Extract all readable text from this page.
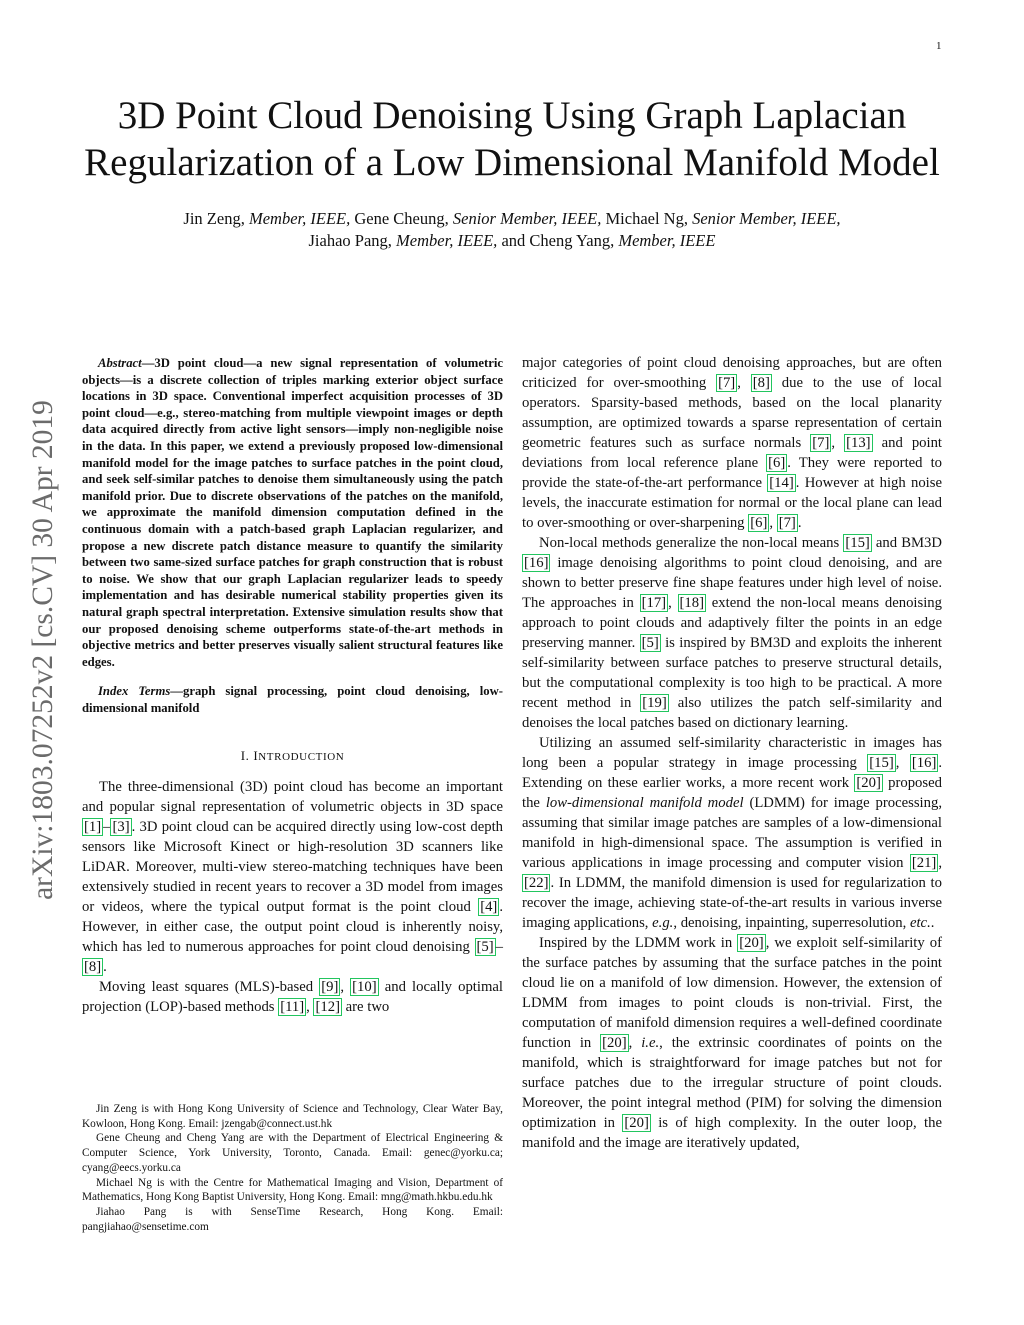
1
arXiv:1803.07252v2 [cs.CV] 30 Apr 2019
3D Point Cloud Denoising Using Graph Laplacian Regularization of a Low Dimensional Manifold Model
Jin Zeng, Member, IEEE, Gene Cheung, Senior Member, IEEE, Michael Ng, Senior Member, IEEE,
Jiahao Pang, Member, IEEE, and Cheng Yang, Member, IEEE

Abstract—3D point cloud—a new signal representation of volumetric objects—is a discrete collection of triples marking exterior object surface locations in 3D space. Conventional imperfect acquisition processes of 3D point cloud—e.g., stereo-matching from multiple viewpoint images or depth data acquired directly from active light sensors—imply non-negligible noise in the data. In this paper, we extend a previously proposed low-dimensional manifold model for the image patches to surface patches in the point cloud, and seek self-similar patches to denoise them simultaneously using the patch manifold prior. Due to discrete observations of the patches on the manifold, we approximate the manifold dimension computation defined in the continuous domain with a patch-based graph Laplacian regularizer, and propose a new discrete patch distance measure to quantify the similarity between two same-sized surface patches for graph construction that is robust to noise. We show that our graph Laplacian regularizer leads to speedy implementation and has desirable numerical stability properties given its natural graph spectral interpretation. Extensive simulation results show that our proposed denoising scheme outperforms state-of-the-art methods in objective metrics and better preserves visually salient structural features like edges.

Index Terms—graph signal processing, point cloud denoising, low-dimensional manifold

I. INTRODUCTION

The three-dimensional (3D) point cloud has become an important and popular signal representation of volumetric objects in 3D space [1] – [3] . 3D point cloud can be acquired directly using low-cost depth sensors like Microsoft Kinect or high-resolution 3D scanners like LiDAR. Moreover, multi-view stereo-matching techniques have been extensively studied in recent years to recover a 3D model from images or videos, where the typical output format is the point cloud [4] . However, in either case, the output point cloud is inherently noisy, which has led to numerous approaches for point cloud denoising [5] –[8] .

Moving least squares (MLS)-based [9] , [10] and locally optimal projection (LOP)-based methods [11] , [12] are two

major categories of point cloud denoising approaches, but are often criticized for over-smoothing [7] , [8] due to the use of local operators. Sparsity-based methods, based on the local planarity assumption, are optimized towards a sparse representation of certain geometric features such as surface normals [7] , [13] and point deviations from local reference plane [6] . They were reported to provide the state-of-the-art performance [14] . However at high noise levels, the inaccurate estimation for normal or the local plane can lead to over-smoothing or over-sharpening [6] , [7] .

Non-local methods generalize the non-local means [15] and BM3D [16] image denoising algorithms to point cloud denoising, and are shown to better preserve fine shape features under high level of noise. The approaches in [17] , [18] extend the non-local means denoising approach to point clouds and adaptively filter the points in an edge preserving manner. [5] is inspired by BM3D and exploits the inherent self-similarity between surface patches to preserve structural details, but the computational complexity is too high to be practical. A more recent method in [19] also utilizes the patch self-similarity and denoises the local patches based on dictionary learning.

Utilizing an assumed self-similarity characteristic in images has long been a popular strategy in image processing [15] , [16] . Extending on these earlier works, a more recent work [20] proposed the low-dimensional manifold model (LDMM) for image processing, assuming that similar image patches are samples of a low-dimensional manifold in high-dimensional space. The assumption is verified in various applications in image processing and computer vision [21] , [22] . In LDMM, the manifold dimension is used for regularization to recover the image, achieving state-of-the-art results in various inverse imaging applications, e.g., denoising, inpainting, superresolution, etc..

Inspired by the LDMM work in [20] , we exploit self-similarity of the surface patches by assuming that the surface patches in the point cloud lie on a manifold of low dimension. However, the extension of LDMM from images to point clouds is non-trivial. First, the computation of manifold dimension requires a well-defined coordinate function in [20] , i.e., the extrinsic coordinates of points on the manifold, which is straightforward for image patches but not for surface patches due to the irregular structure of point clouds. Moreover, the point integral method (PIM) for solving the dimension optimization in [20] is of high complexity. In the outer loop, the manifold and the image are iteratively updated,

Jin Zeng is with Hong Kong University of Science and Technology, Clear Water Bay, Kowloon, Hong Kong. Email: jzengab@connect.ust.hk

Gene Cheung and Cheng Yang are with the Department of Electrical Engineering & Computer Science, York University, Toronto, Canada. Email: genec@yorku.ca; cyang@eecs.yorku.ca

Michael Ng is with the Centre for Mathematical Imaging and Vision, Department of Mathematics, Hong Kong Baptist University, Hong Kong. Email: mng@math.hkbu.edu.hk

Jiahao Pang is with SenseTime Research, Hong Kong. Email: pangjiahao@sensetime.com
